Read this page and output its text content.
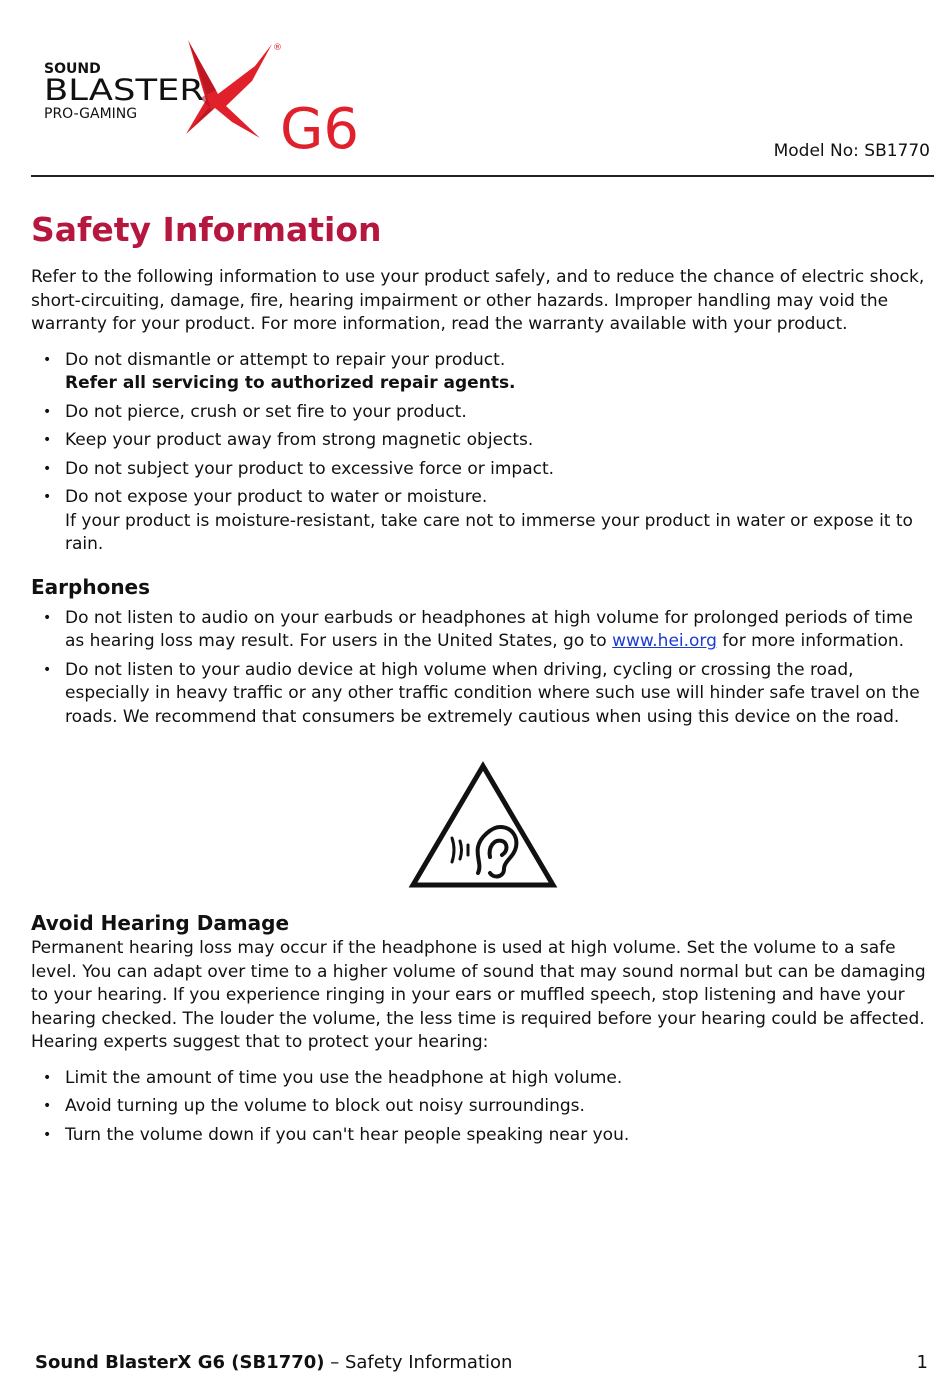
®
SOUND
BLASTER
PRO-GAMING	G6	Model No: SB1770
Safety Information

Refer to the following information to use your product safely, and to reduce the chance of electric shock, short-circuiting, damage, fire, hearing impairment or other hazards. Improper handling may void the warranty for your product. For more information, read the warranty available with your product.

• Do not dismantle or attempt to repair your product.
Refer all servicing to authorized repair agents.
• Do not pierce, crush or set fire to your product.
• Keep your product away from strong magnetic objects.
• Do not subject your product to excessive force or impact.
• Do not expose your product to water or moisture.
If your product is moisture-resistant, take care not to immerse your product in water or expose it to rain.
Earphones
• Do not listen to audio on your earbuds or headphones at high volume for prolonged periods of time as hearing loss may result. For users in the United States, go to www.hei.org for more information.
• Do not listen to your audio device at high volume when driving, cycling or crossing the road, especially in heavy traffic or any other traffic condition where such use will hinder safe travel on the roads. We recommend that consumers be extremely cautious when using this device on the road.
Avoid Hearing Damage

Permanent hearing loss may occur if the headphone is used at high volume. Set the volume to a safe level. You can adapt over time to a higher volume of sound that may sound normal but can be damaging to your hearing. If you experience ringing in your ears or muffled speech, stop listening and have your hearing checked. The louder the volume, the less time is required before your hearing could be affected. Hearing experts suggest that to protect your hearing:

• Limit the amount of time you use the headphone at high volume.
• Avoid turning up the volume to block out noisy surroundings.
• Turn the volume down if you can't hear people speaking near you.
Sound BlasterX G6 (SB1770) – Safety Information	1
